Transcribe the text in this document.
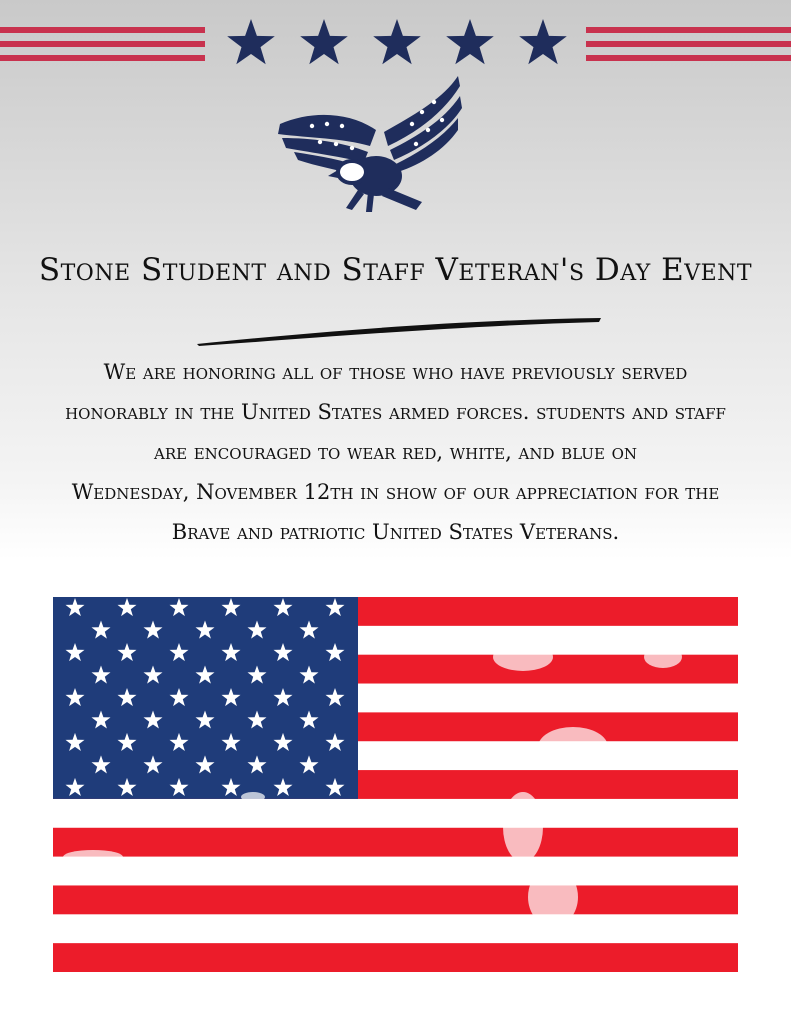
Stone Student and Staff Veteran's Day Event
We are honoring all of those who have previously served
honorably in the United States armed forces. students and staff
are encouraged to wear red, white, and blue on
Wednesday, November 12th in show of our appreciation for the
Brave and patriotic United States Veterans.
